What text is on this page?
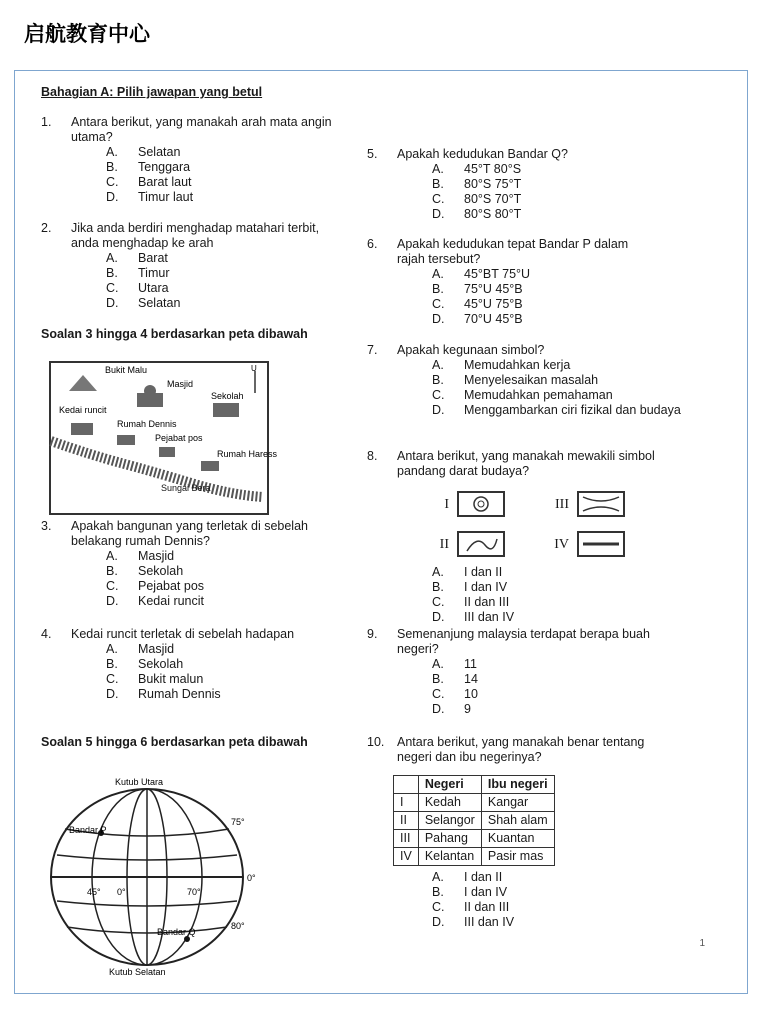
启航教育中心
Bahagian A: Pilih jawapan yang betul
1.	Antara berikut, yang manakah arah mata angin utama?
A.	Selatan
B.	Tenggara
C.	Barat laut
D.	Timur laut
2.	Jika anda berdiri menghadap matahari terbit, anda menghadap ke arah
A.	Barat
B.	Timur
C.	Utara
D.	Selatan

Soalan 3 hingga 4 berdasarkan peta dibawah

3.	Apakah bangunan yang terletak di sebelah belakang rumah Dennis?
A.	Masjid
B.	Sekolah
C.	Pejabat pos
D.	Kedai runcit
4.	Kedai runcit terletak di sebelah hadapan
A.	Masjid
B.	Sekolah
C.	Bukit malun
D.	Rumah Dennis

Soalan 5 hingga 6 berdasarkan peta dibawah

U
Bukit Malu
Masjid
Kedai runcit
Sekolah
Rumah Dennis
Pejabat pos
Rumah Haress
Sungai Bera
Kutub Utara
Kutub Selatan
Bandar P
Bandar Q
75°
0°
45° 0°	70°
80°
5.	Apakah kedudukan Bandar Q?
A.	45°T 80°S
B.	80°S 75°T
C.	80°S 70°T
D.	80°S 80°T
6.	Apakah kedudukan tepat Bandar P dalam rajah tersebut?
A.	45°BT 75°U
B.	75°U 45°B
C.	45°U 75°B
D.	70°U 45°B
7.	Apakah kegunaan simbol?
A.	Memudahkan kerja
B.	Menyelesaikan masalah
C.	Memudahkan pemahaman
D.	Menggambarkan ciri fizikal dan budaya
8.	Antara berikut, yang manakah mewakili simbol pandang darat budaya?
I	III
II	IV
A.	I dan II
B.	I dan IV
C.	II dan III
D.	III dan IV
9.	Semenanjung malaysia terdapat berapa buah negeri?
A.	11
B.	14
C.	10
D.	9
10.	Antara berikut, yang manakah benar tentang negeri dan ibu negerinya?
	Negeri	Ibu negeri
I	Kedah	Kangar
II	Selangor	Shah alam
III	Pahang	Kuantan
IV	Kelantan	Pasir mas
A.	I dan II
B.	I dan IV
C.	II dan III
D.	III dan IV
1
